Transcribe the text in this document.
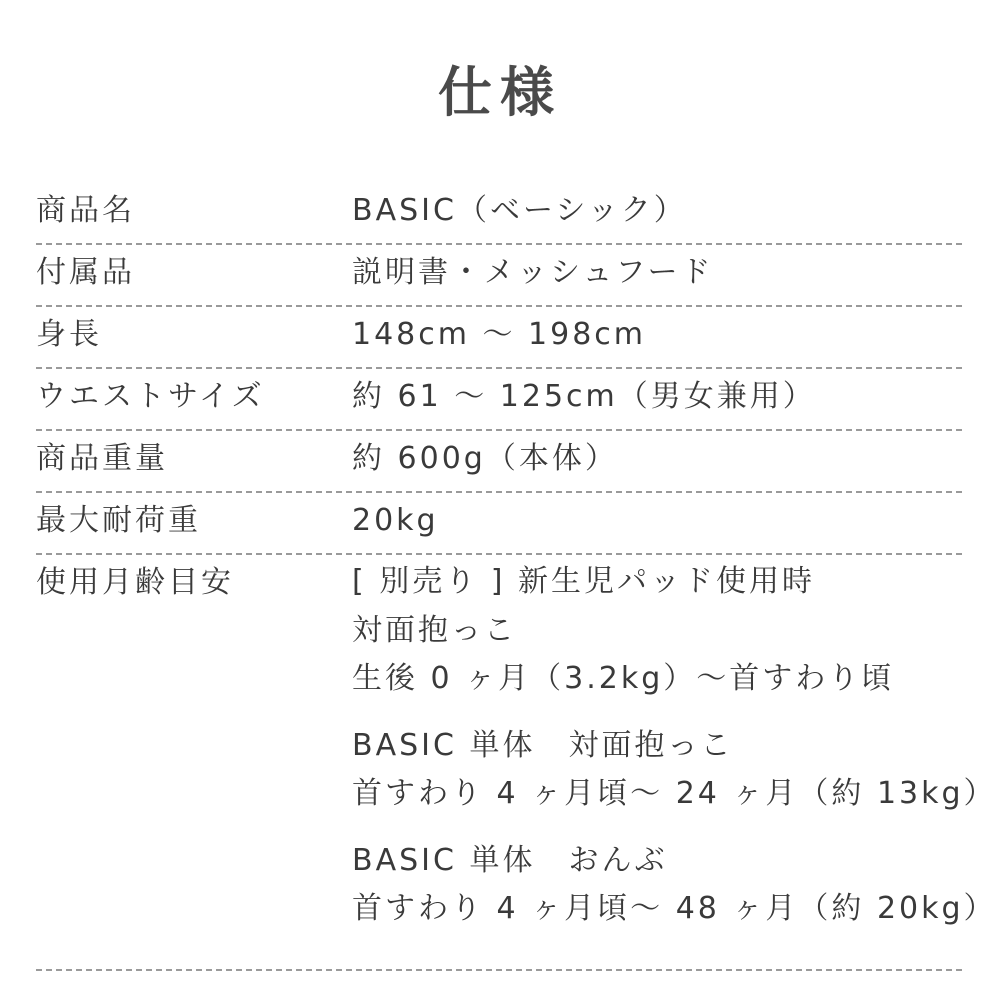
仕様
商品名	BASIC（ベーシック）
付属品	説明書・メッシュフード
身長	148cm 〜 198cm
ウエストサイズ	約 61 〜 125cm（男女兼用）
商品重量	約 600g（本体）
最大耐荷重	20kg
使用月齢目安	[ 別売り ] 新生児パッド使用時
対面抱っこ
生後 0 ヶ月（3.2kg）〜首すわり頃
BASIC 単体　対面抱っこ
首すわり 4 ヶ月頃〜 24 ヶ月（約 13kg）
BASIC 単体　おんぶ
首すわり 4 ヶ月頃〜 48 ヶ月（約 20kg）
